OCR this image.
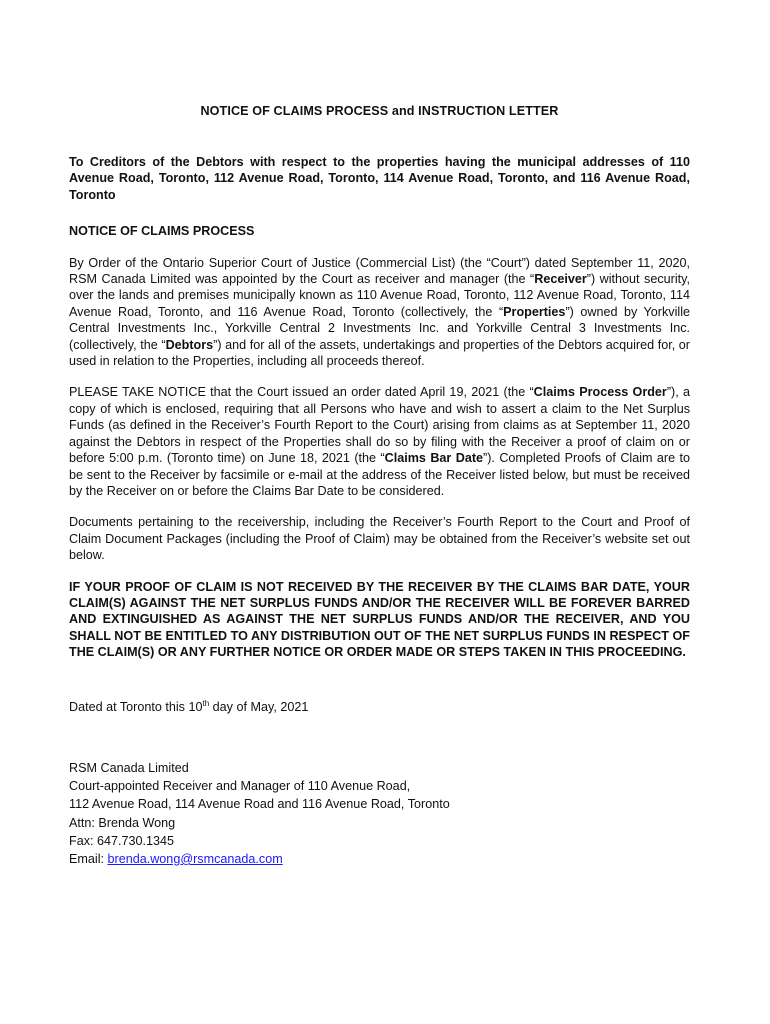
NOTICE OF CLAIMS PROCESS and INSTRUCTION LETTER

To Creditors of the Debtors with respect to the properties having the municipal addresses of 110 Avenue Road, Toronto, 112 Avenue Road, Toronto, 114 Avenue Road, Toronto, and 116 Avenue Road, Toronto

NOTICE OF CLAIMS PROCESS

By Order of the Ontario Superior Court of Justice (Commercial List) (the “Court”) dated September 11, 2020, RSM Canada Limited was appointed by the Court as receiver and manager (the “Receiver”) without security, over the lands and premises municipally known as 110 Avenue Road, Toronto, 112 Avenue Road, Toronto, 114 Avenue Road, Toronto, and 116 Avenue Road, Toronto (collectively, the “Properties”) owned by Yorkville Central Investments Inc., Yorkville Central 2 Investments Inc. and Yorkville Central 3 Investments Inc. (collectively, the “Debtors”) and for all of the assets, undertakings and properties of the Debtors acquired for, or used in relation to the Properties, including all proceeds thereof.

PLEASE TAKE NOTICE that the Court issued an order dated April 19, 2021 (the “Claims Process Order”), a copy of which is enclosed, requiring that all Persons who have and wish to assert a claim to the Net Surplus Funds (as defined in the Receiver’s Fourth Report to the Court) arising from claims as at September 11, 2020 against the Debtors in respect of the Properties shall do so by filing with the Receiver a proof of claim on or before 5:00 p.m. (Toronto time) on June 18, 2021 (the “Claims Bar Date”). Completed Proofs of Claim are to be sent to the Receiver by facsimile or e-mail at the address of the Receiver listed below, but must be received by the Receiver on or before the Claims Bar Date to be considered.

Documents pertaining to the receivership, including the Receiver’s Fourth Report to the Court and Proof of Claim Document Packages (including the Proof of Claim) may be obtained from the Receiver’s website set out below.

IF YOUR PROOF OF CLAIM IS NOT RECEIVED BY THE RECEIVER BY THE CLAIMS BAR DATE, YOUR CLAIM(S) AGAINST THE NET SURPLUS FUNDS AND/OR THE RECEIVER WILL BE FOREVER BARRED AND EXTINGUISHED AS AGAINST THE NET SURPLUS FUNDS AND/OR THE RECEIVER, AND YOU SHALL NOT BE ENTITLED TO ANY DISTRIBUTION OUT OF THE NET SURPLUS FUNDS IN RESPECT OF THE CLAIM(S) OR ANY FURTHER NOTICE OR ORDER MADE OR STEPS TAKEN IN THIS PROCEEDING.

Dated at Toronto this 10th day of May, 2021

RSM Canada Limited
Court-appointed Receiver and Manager of 110 Avenue Road,
112 Avenue Road, 114 Avenue Road and 116 Avenue Road, Toronto
Attn: Brenda Wong
Fax: 647.730.1345
Email: brenda.wong@rsmcanada.com
